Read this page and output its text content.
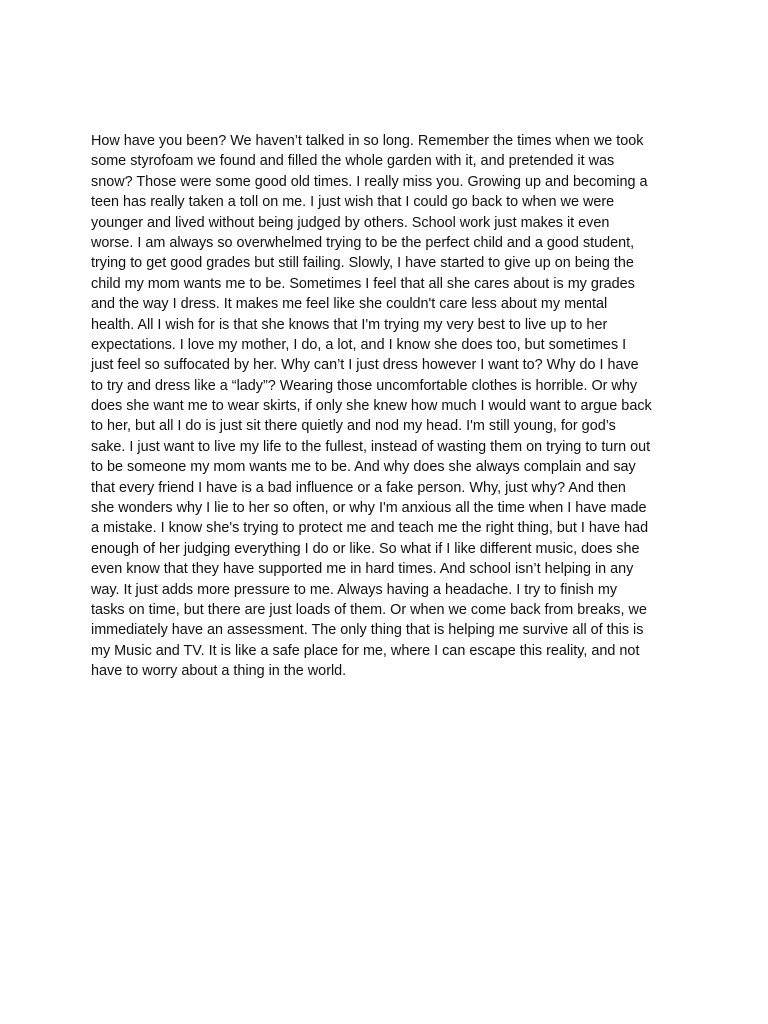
How have you been? We haven’t talked in so long. Remember the times when we took
some styrofoam we found and filled the whole garden with it, and pretended it was
snow? Those were some good old times. I really miss you. Growing up and becoming a
teen has really taken a toll on me. I just wish that I could go back to when we were
younger and lived without being judged by others. School work just makes it even
worse. I am always so overwhelmed trying to be the perfect child and a good student,
trying to get good grades but still failing. Slowly, I have started to give up on being the
child my mom wants me to be. Sometimes I feel that all she cares about is my grades
and the way I dress. It makes me feel like she couldn't care less about my mental
health. All I wish for is that she knows that I'm trying my very best to live up to her
expectations. I love my mother, I do, a lot, and I know she does too, but sometimes I
just feel so suffocated by her. Why can’t I just dress however I want to? Why do I have
to try and dress like a “lady”? Wearing those uncomfortable clothes is horrible. Or why
does she want me to wear skirts, if only she knew how much I would want to argue back
to her, but all I do is just sit there quietly and nod my head. I'm still young, for god’s
sake. I just want to live my life to the fullest, instead of wasting them on trying to turn out
to be someone my mom wants me to be. And why does she always complain and say
that every friend I have is a bad influence or a fake person. Why, just why? And then
she wonders why I lie to her so often, or why I'm anxious all the time when I have made
a mistake. I know she's trying to protect me and teach me the right thing, but I have had
enough of her judging everything I do or like. So what if I like different music, does she
even know that they have supported me in hard times. And school isn’t helping in any
way. It just adds more pressure to me. Always having a headache. I try to finish my
tasks on time, but there are just loads of them. Or when we come back from breaks, we
immediately have an assessment. The only thing that is helping me survive all of this is
my Music and TV. It is like a safe place for me, where I can escape this reality, and not
have to worry about a thing in the world.
